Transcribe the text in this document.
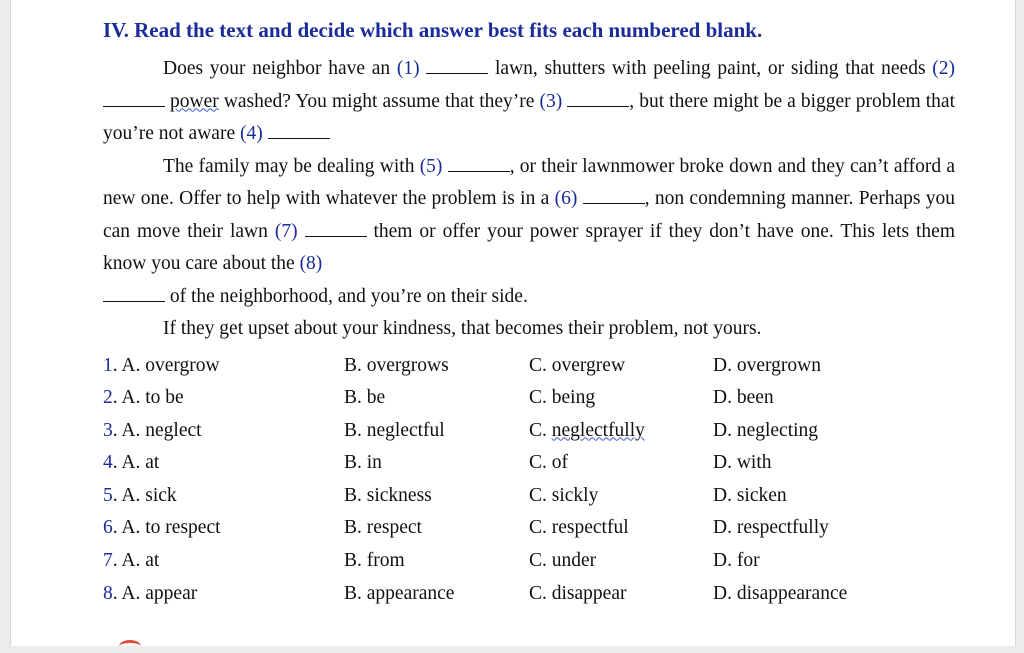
IV. Read the text and decide which answer best fits each numbered blank.

Does your neighbor have an (1)	lawn, shutters with peeling paint, or siding that needs (2)  power washed? You might assume that they’re (3)	, but there might be a bigger problem that you’re not aware (4)

The family may be dealing with (5)	, or their lawnmower broke down and they can’t afford a new one. Offer to help with whatever the problem is in a (6)	, non condemning manner. Perhaps you can move their lawn (7)	them or offer your power sprayer if they don’t have one. This lets them know you care about the (8)
of the neighborhood, and you’re on their side.

If they get upset about your kindness, that becomes their problem, not yours.

1. A. overgrow	B. overgrows	C. overgrew	D. overgrown
2. A. to be	B. be	C. being	D. been
3. A. neglect	B. neglectful	C. neglectfully	D. neglecting
4. A. at	B. in	C. of	D. with
5. A. sick	B. sickness	C. sickly	D. sicken
6. A. to respect	B. respect	C. respectful	D. respectfully
7. A. at	B. from	C. under	D. for
8. A. appear	B. appearance	C. disappear	D. disappearance
